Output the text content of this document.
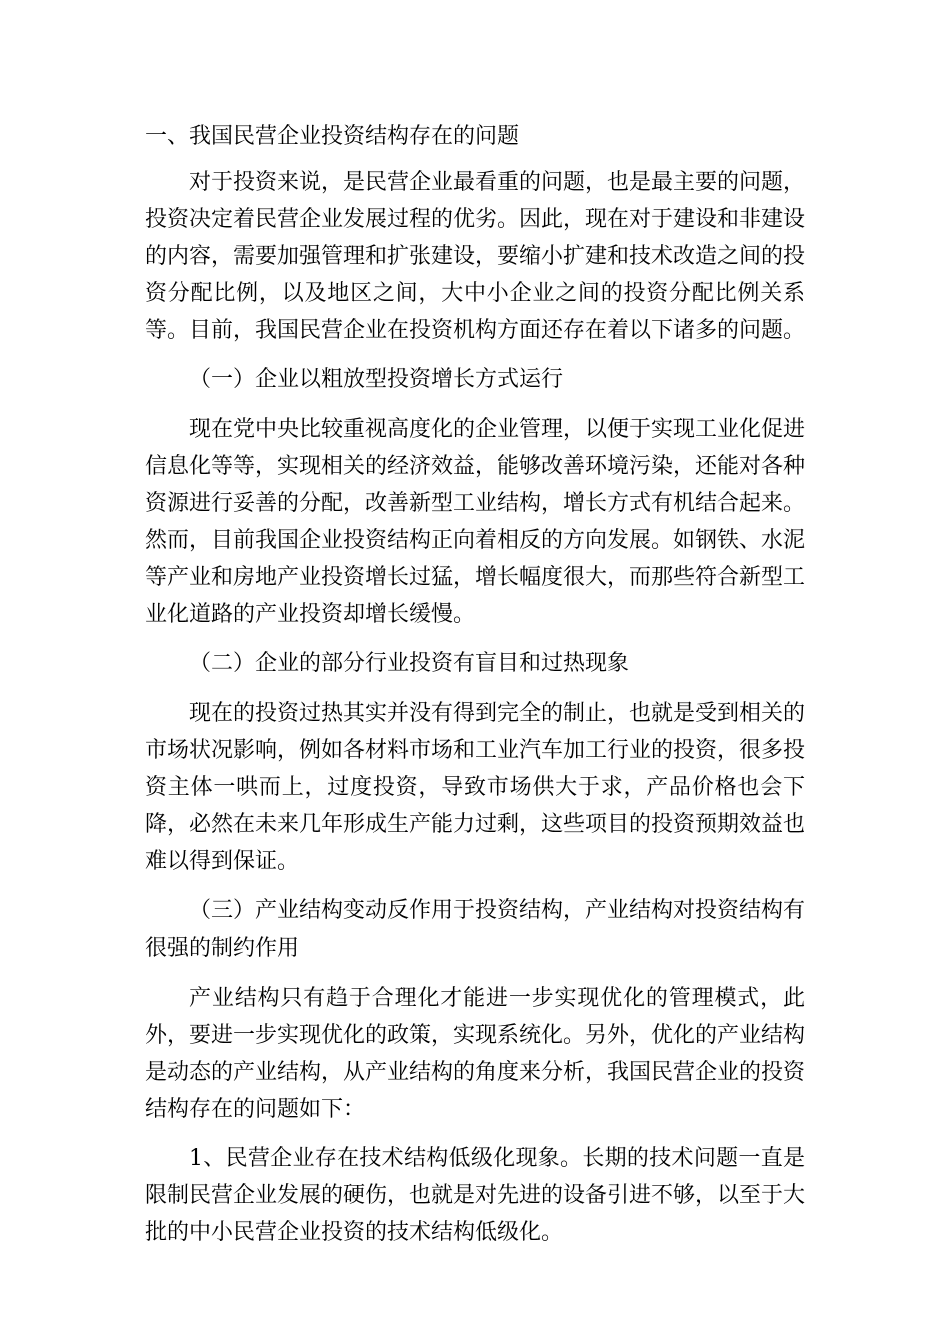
一、我国民营企业投资结构存在的问题

对于投资来说，是民营企业最看重的问题，也是最主要的问题，投资决定着民营企业发展过程的优劣。因此，现在对于建设和非建设的内容，需要加强管理和扩张建设，要缩小扩建和技术改造之间的投资分配比例，以及地区之间，大中小企业之间的投资分配比例关系等。目前，我国民营企业在投资机构方面还存在着以下诸多的问题。

（一）企业以粗放型投资增长方式运行

现在党中央比较重视高度化的企业管理，以便于实现工业化促进信息化等等，实现相关的经济效益，能够改善环境污染，还能对各种资源进行妥善的分配，改善新型工业结构，增长方式有机结合起来。然而，目前我国企业投资结构正向着相反的方向发展。如钢铁、水泥等产业和房地产业投资增长过猛，增长幅度很大，而那些符合新型工业化道路的产业投资却增长缓慢。

（二）企业的部分行业投资有盲目和过热现象

现在的投资过热其实并没有得到完全的制止，也就是受到相关的市场状况影响，例如各材料市场和工业汽车加工行业的投资，很多投资主体一哄而上，过度投资，导致市场供大于求，产品价格也会下降，必然在未来几年形成生产能力过剩，这些项目的投资预期效益也难以得到保证。

（三）产业结构变动反作用于投资结构，产业结构对投资结构有很强的制约作用

产业结构只有趋于合理化才能进一步实现优化的管理模式，此外，要进一步实现优化的政策，实现系统化。另外，优化的产业结构是动态的产业结构，从产业结构的角度来分析，我国民营企业的投资结构存在的问题如下：

1、民营企业存在技术结构低级化现象。长期的技术问题一直是限制民营企业发展的硬伤，也就是对先进的设备引进不够，以至于大批的中小民营企业投资的技术结构低级化。
